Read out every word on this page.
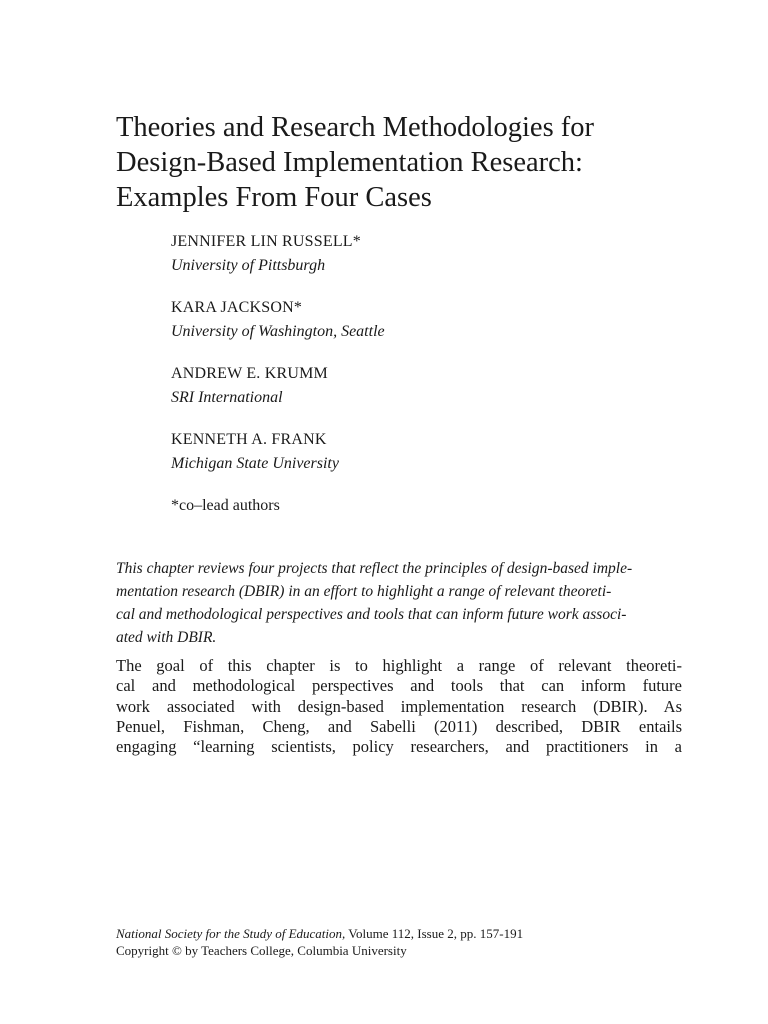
Theories and Research Methodologies for
Design-Based Implementation Research:
Examples From Four Cases
JENNIFER LIN RUSSELL*
University of Pittsburgh
KARA JACKSON*
University of Washington, Seattle
ANDREW E. KRUMM
SRI International
KENNETH A. FRANK
Michigan State University
*co–lead authors
This chapter reviews four projects that reflect the principles of design-based imple-
mentation research (DBIR) in an effort to highlight a range of relevant theoreti-
cal and methodological perspectives and tools that can inform future work associ-
ated with DBIR.
The goal of this chapter is to highlight a range of relevant theoreti-
cal and methodological perspectives and tools that can inform future
work associated with design-based implementation research (DBIR). As
Penuel, Fishman, Cheng, and Sabelli (2011) described, DBIR entails
engaging “learning scientists, policy researchers, and practitioners in a
National Society for the Study of Education, Volume 112, Issue 2, pp. 157-191
Copyright © by Teachers College, Columbia University
